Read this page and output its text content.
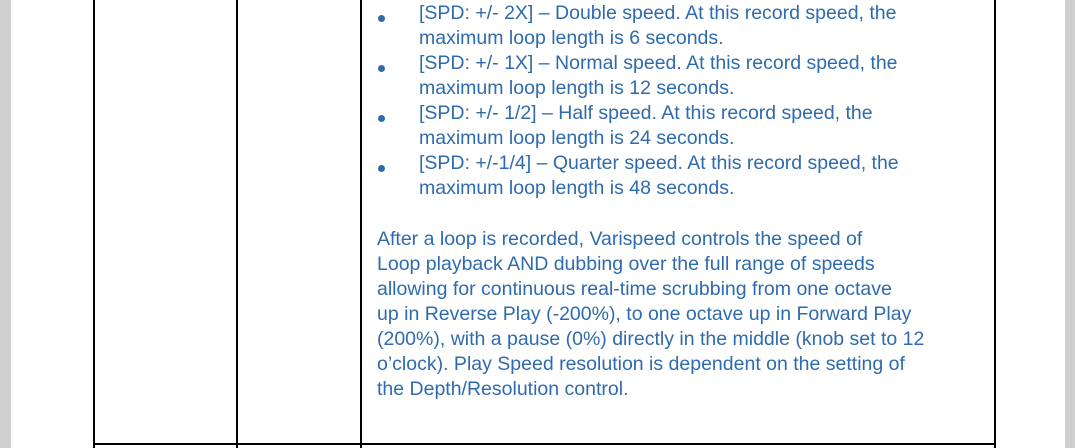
[SPD: +/- 2X] – Double speed. At this record speed, the
maximum loop length is 6 seconds.
[SPD: +/- 1X] – Normal speed. At this record speed, the
maximum loop length is 12 seconds.
[SPD: +/- 1/2] – Half speed. At this record speed, the
maximum loop length is 24 seconds.
[SPD: +/-1/4] – Quarter speed. At this record speed, the
maximum loop length is 48 seconds.

After a loop is recorded, Varispeed controls the speed of
Loop playback AND dubbing over the full range of speeds
allowing for continuous real-time scrubbing from one octave
up in Reverse Play (-200%), to one octave up in Forward Play
(200%), with a pause (0%) directly in the middle (knob set to 12
o’clock). Play Speed resolution is dependent on the setting of
the Depth/Resolution control.
